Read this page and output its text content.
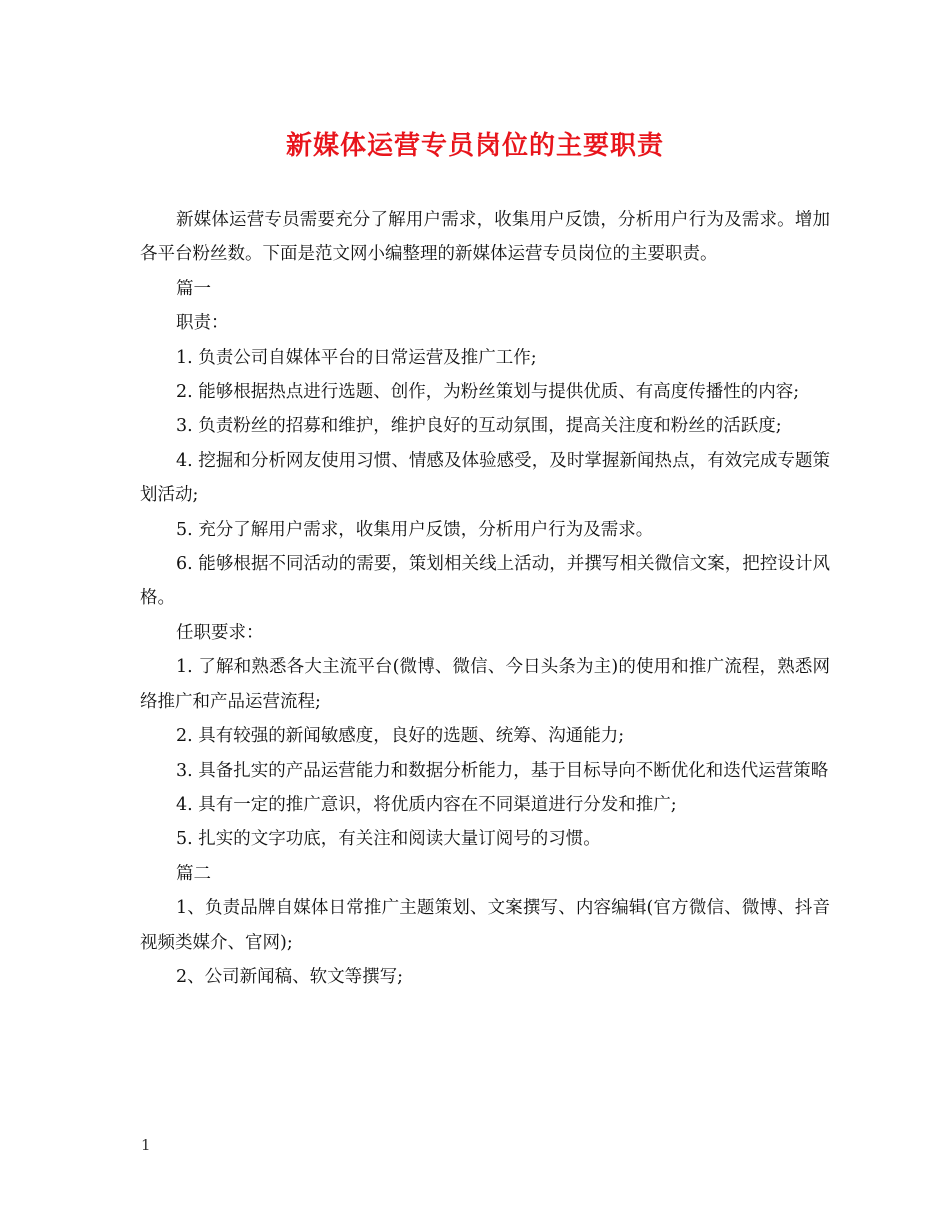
新媒体运营专员岗位的主要职责

新媒体运营专员需要充分了解用户需求，收集用户反馈，分析用户行为及需求。增加各平台粉丝数。下面是范文网小编整理的新媒体运营专员岗位的主要职责。

篇一

职责：

1. 负责公司自媒体平台的日常运营及推广工作;

2. 能够根据热点进行选题、创作，为粉丝策划与提供优质、有高度传播性的内容;

3. 负责粉丝的招募和维护，维护良好的互动氛围，提高关注度和粉丝的活跃度;

4. 挖掘和分析网友使用习惯、情感及体验感受，及时掌握新闻热点，有效完成专题策划活动;

5. 充分了解用户需求，收集用户反馈，分析用户行为及需求。

6. 能够根据不同活动的需要，策划相关线上活动，并撰写相关微信文案，把控设计风格。

任职要求：

1. 了解和熟悉各大主流平台(微博、微信、今日头条为主)的使用和推广流程，熟悉网络推广和产品运营流程;

2. 具有较强的新闻敏感度，良好的选题、统筹、沟通能力;

3. 具备扎实的产品运营能力和数据分析能力，基于目标导向不断优化和迭代运营策略

4. 具有一定的推广意识，将优质内容在不同渠道进行分发和推广;

5. 扎实的文字功底，有关注和阅读大量订阅号的习惯。

篇二

1、负责品牌自媒体日常推广主题策划、文案撰写、内容编辑(官方微信、微博、抖音视频类媒介、官网);

2、公司新闻稿、软文等撰写;

1
